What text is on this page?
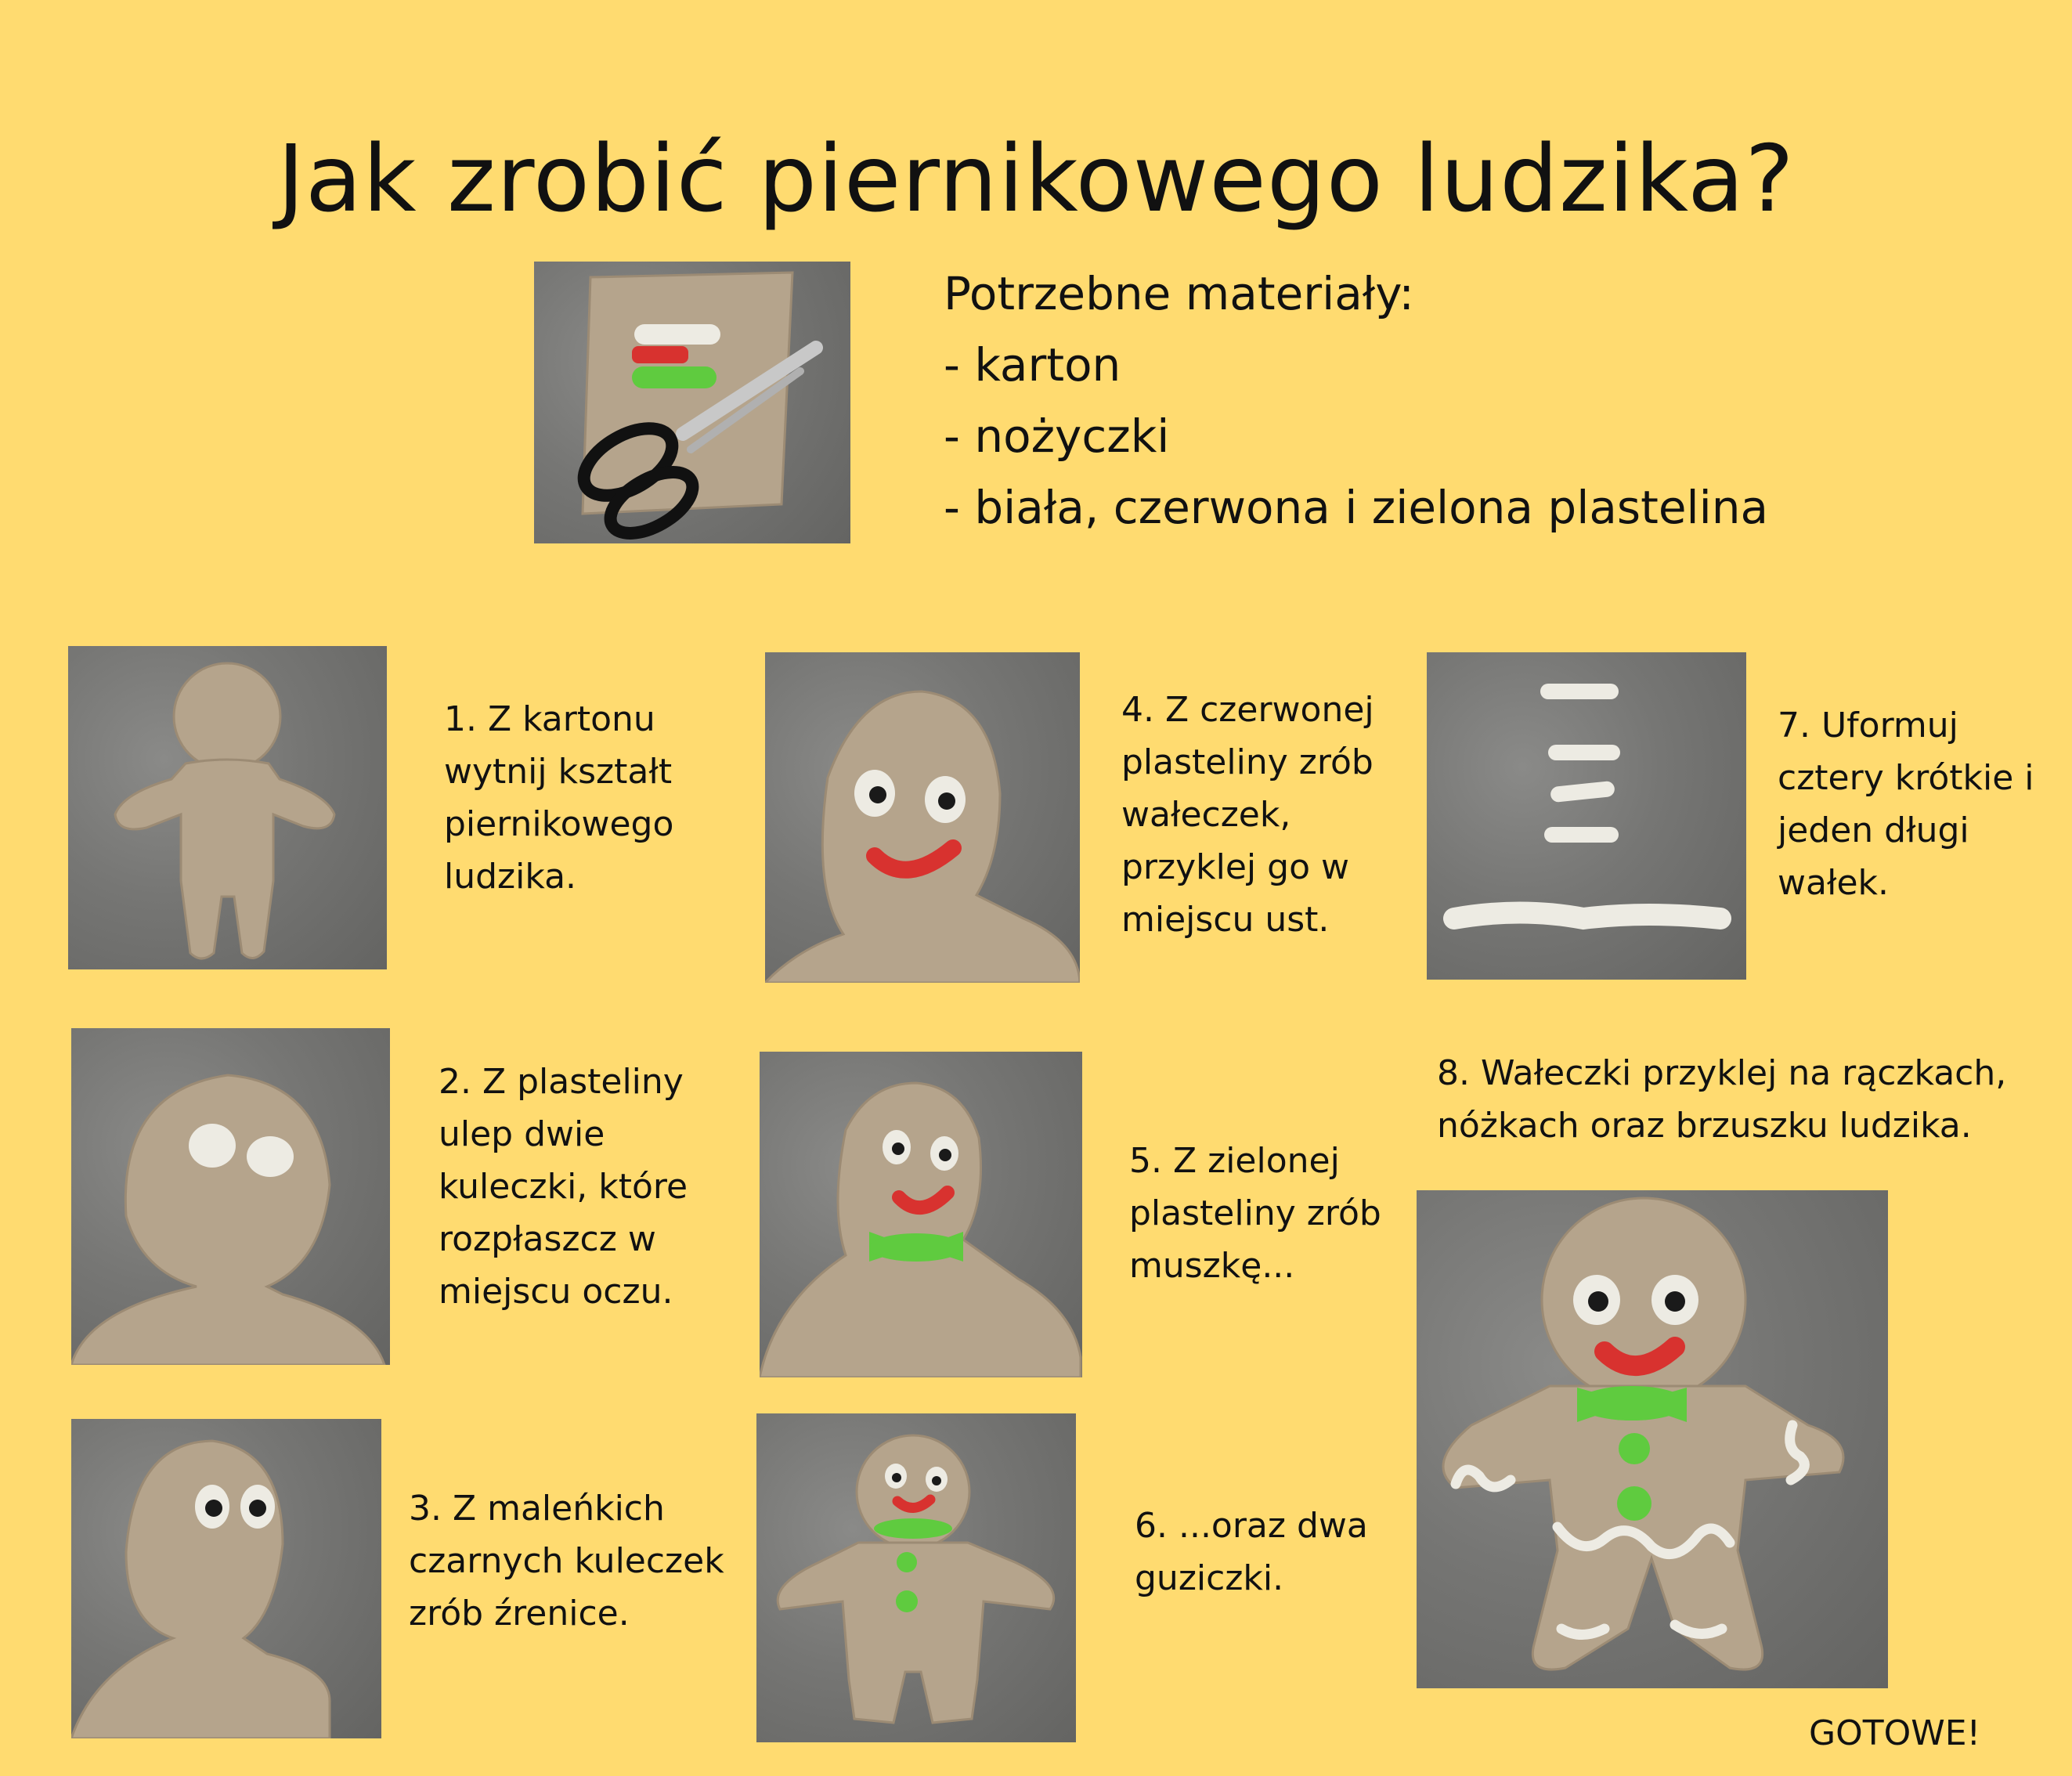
Jak zrobić piernikowego ludzika?
Potrzebne materiały:
- karton
- nożyczki
- biała, czerwona i zielona plastelina
1. Z kartonu
wytnij kształt
piernikowego
ludzika.
2. Z plasteliny
ulep dwie
kuleczki, które
rozpłaszcz w
miejscu oczu.
3. Z maleńkich
czarnych kuleczek
zrób źrenice.
4. Z czerwonej
plasteliny zrób
wałeczek,
przyklej go w
miejscu ust.
5. Z zielonej
plasteliny zrób
muszkę...
6. ...oraz dwa
guziczki.
7. Uformuj
cztery krótkie i
jeden długi
wałek.
8. Wałeczki przyklej na rączkach,
nóżkach oraz brzuszku ludzika.
GOTOWE!
